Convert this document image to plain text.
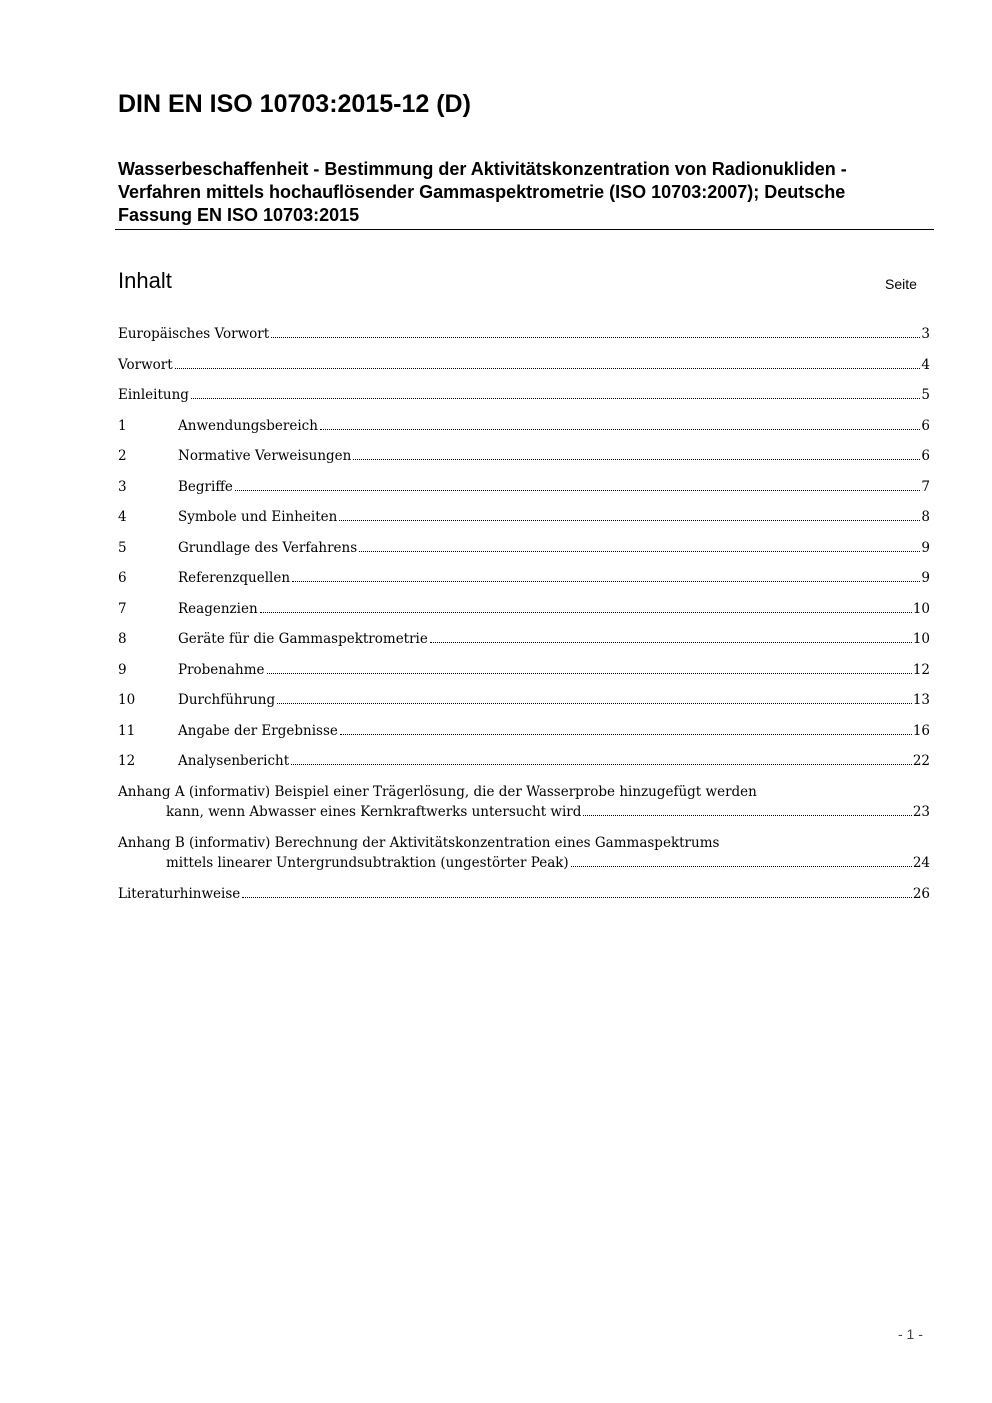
DIN EN ISO 10703:2015-12 (D)
Wasserbeschaffenheit - Bestimmung der Aktivitätskonzentration von Radionukliden -
Verfahren mittels hochauflösender Gammaspektrometrie (ISO 10703:2007); Deutsche
Fassung EN ISO 10703:2015
Inhalt	Seite
Europäisches Vorwort	3
Vorwort	4
Einleitung	5
1	Anwendungsbereich	6
2	Normative Verweisungen	6
3	Begriffe	7
4	Symbole und Einheiten	8
5	Grundlage des Verfahrens	9
6	Referenzquellen	9
7	Reagenzien	10
8	Geräte für die Gammaspektrometrie	10
9	Probenahme	12
10	Durchführung	13
11	Angabe der Ergebnisse	16
12	Analysenbericht	22
Anhang A (informativ) Beispiel einer Trägerlösung, die der Wasserprobe hinzugefügt werden
kann, wenn Abwasser eines Kernkraftwerks untersucht wird	23
Anhang B (informativ) Berechnung der Aktivitätskonzentration eines Gammaspektrums
mittels linearer Untergrundsubtraktion (ungestörter Peak)	24
Literaturhinweise	26
- 1 -
